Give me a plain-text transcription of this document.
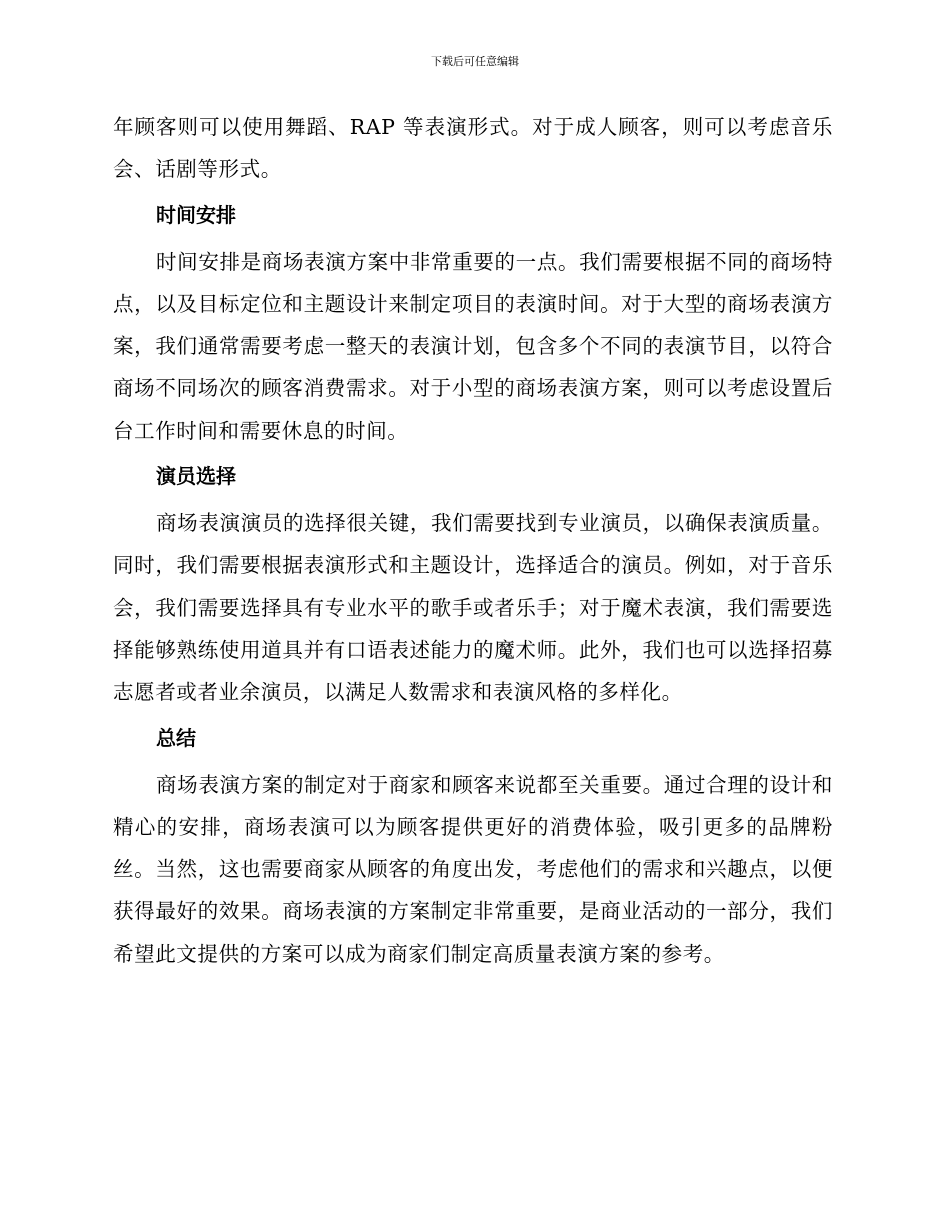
下载后可任意编辑

年顾客则可以使用舞蹈、RAP 等表演形式。对于成人顾客，则可以考虑音乐会、话剧等形式。

时间安排

时间安排是商场表演方案中非常重要的一点。我们需要根据不同的商场特点，以及目标定位和主题设计来制定项目的表演时间。对于大型的商场表演方案，我们通常需要考虑一整天的表演计划，包含多个不同的表演节目，以符合商场不同场次的顾客消费需求。对于小型的商场表演方案，则可以考虑设置后台工作时间和需要休息的时间。

演员选择

商场表演演员的选择很关键，我们需要找到专业演员，以确保表演质量。同时，我们需要根据表演形式和主题设计，选择适合的演员。例如，对于音乐会，我们需要选择具有专业水平的歌手或者乐手；对于魔术表演，我们需要选择能够熟练使用道具并有口语表述能力的魔术师。此外，我们也可以选择招募志愿者或者业余演员，以满足人数需求和表演风格的多样化。

总结

商场表演方案的制定对于商家和顾客来说都至关重要。通过合理的设计和精心的安排，商场表演可以为顾客提供更好的消费体验，吸引更多的品牌粉丝。当然，这也需要商家从顾客的角度出发，考虑他们的需求和兴趣点，以便获得最好的效果。商场表演的方案制定非常重要，是商业活动的一部分，我们希望此文提供的方案可以成为商家们制定高质量表演方案的参考。
